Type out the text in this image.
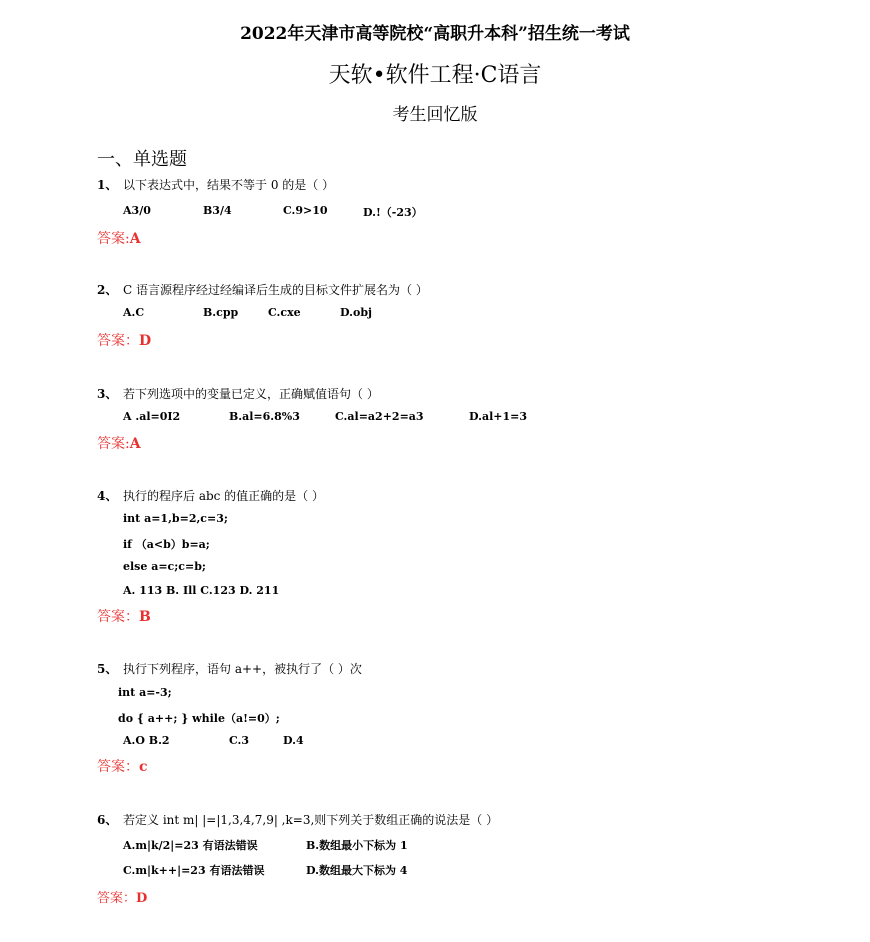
2022年天津市高等院校“高职升本科”招生统一考试
天软•软件工程·C语言
考生回忆版
一、单选题
1、 以下表达式中，结果不等于 0 的是（ ）
A3/0	B3/4	C.9>10	D.!（-23）
答案:A
2、 C 语言源程序经过经编译后生成的目标文件扩展名为（ ）
A.C	B.cpp	C.cxe	D.obj
答案：D
3、 若下列选项中的变量已定义，正确赋值语句（ ）
A .al=0I2	B.al=6.8%3	C.al=a2+2=a3	D.al+1=3
答案:A
4、 执行的程序后 abc 的值正确的是（ ）
int a=1,b=2,c=3;
if （a<b）b=a;
else a=c;c=b;
A. 113 B. Ill C.123 D. 211
答案：B
5、 执行下列程序，语句 a++，被执行了（ ）次
int a=-3;
do { a++; } while（a!=0）;
A.O B.2	C.3	D.4
答案：c
6、 若定义 int m| |=|1,3,4,7,9| ,k=3,则下列关于数组正确的说法是（ ）
A.m|k/2|=23 有语法错误	B.数组最小下标为 1
C.m|k++|=23 有语法错误	D.数组最大下标为 4
答案：D
